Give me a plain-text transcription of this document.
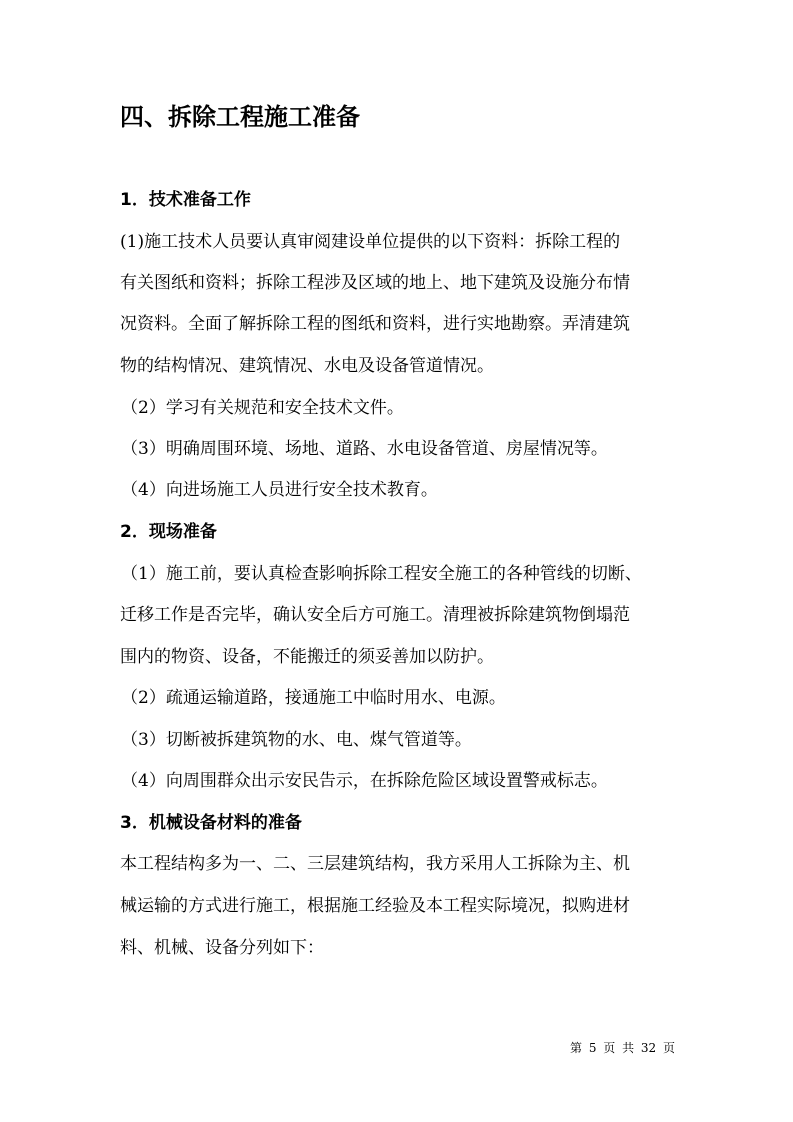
四、拆除工程施工准备
1．技术准备工作
(1)施工技术人员要认真审阅建设单位提供的以下资料：拆除工程的
有关图纸和资料；拆除工程涉及区域的地上、地下建筑及设施分布情
况资料。全面了解拆除工程的图纸和资料，进行实地勘察。弄清建筑
物的结构情况、建筑情况、水电及设备管道情况。
（2）学习有关规范和安全技术文件。
（3）明确周围环境、场地、道路、水电设备管道、房屋情况等。
（4）向进场施工人员进行安全技术教育。
2．现场准备
（1）施工前，要认真检查影响拆除工程安全施工的各种管线的切断、
迁移工作是否完毕，确认安全后方可施工。清理被拆除建筑物倒塌范
围内的物资、设备，不能搬迁的须妥善加以防护。
（2）疏通运输道路，接通施工中临时用水、电源。
（3）切断被拆建筑物的水、电、煤气管道等。
（4）向周围群众出示安民告示，在拆除危险区域设置警戒标志。
3．机械设备材料的准备
本工程结构多为一、二、三层建筑结构，我方采用人工拆除为主、机
械运输的方式进行施工，根据施工经验及本工程实际境况，拟购进材
料、机械、设备分列如下：
第 5 页 共 32 页
